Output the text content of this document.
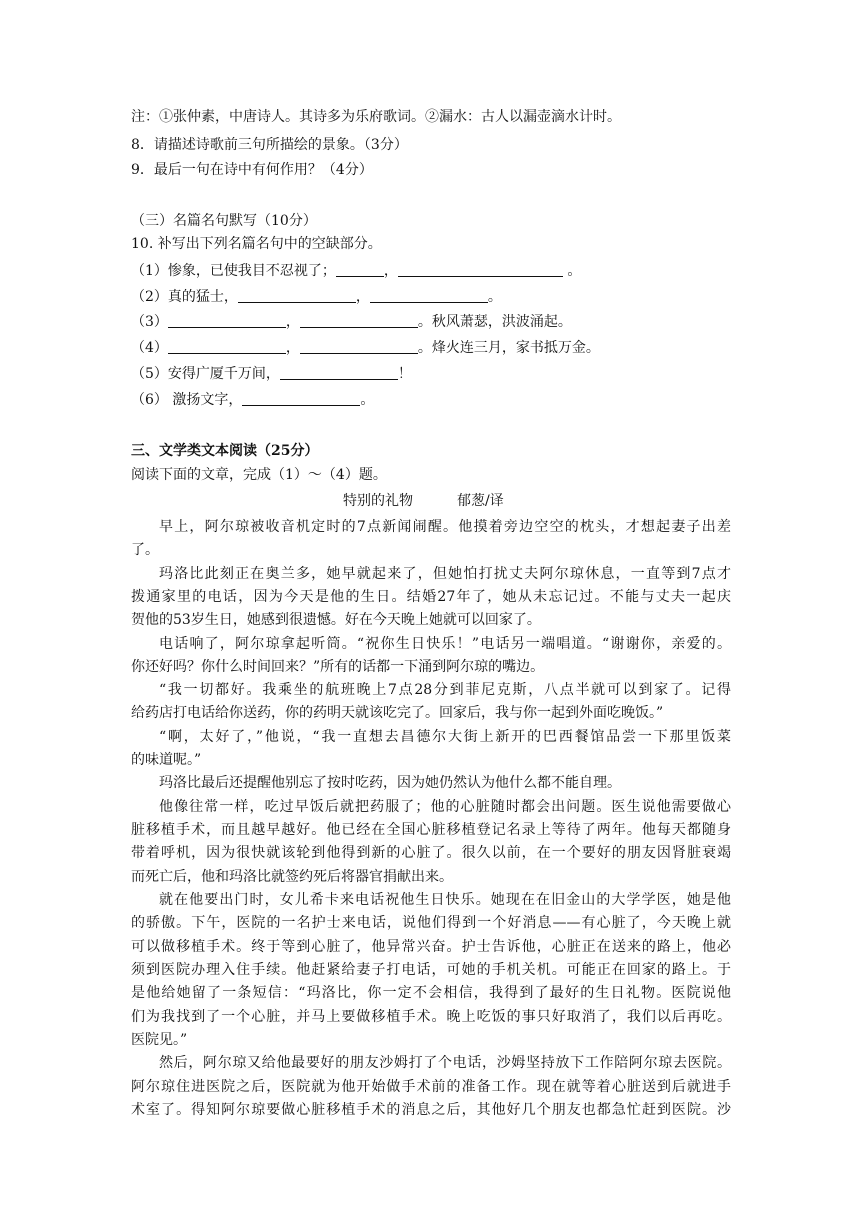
注：①张仲素，中唐诗人。其诗多为乐府歌词。②漏水：古人以漏壶滴水计时。
8．请描述诗歌前三句所描绘的景象。（3分）
9．最后一句在诗中有何作用？（4分）
（三）名篇名句默写（10分）
10. 补写出下列名篇名句中的空缺部分。
（1）惨象，已使我目不忍视了；	，	。
（2）真的猛士，	，	。
（3）	，	。秋风萧瑟，洪波涌起。
（4）	，	。烽火连三月，家书抵万金。
（5）安得广厦千万间，	！
（6） 激扬文字，	。
三、文学类文本阅读（25分）
阅读下面的文章，完成（1）～（4）题。
特别的礼物	郁葱/译
早上，阿尔琼被收音机定时的7点新闻闹醒。他摸着旁边空空的枕头，才想起妻子出差
了。
玛洛比此刻正在奥兰多，她早就起来了，但她怕打扰丈夫阿尔琼休息，一直等到7点才
拨通家里的电话，因为今天是他的生日。结婚27年了，她从未忘记过。不能与丈夫一起庆
贺他的53岁生日，她感到很遗憾。好在今天晚上她就可以回家了。
电话响了，阿尔琼拿起听筒。“祝你生日快乐！”电话另一端唱道。“谢谢你，亲爱的。
你还好吗？你什么时间回来？”所有的话都一下涌到阿尔琼的嘴边。
“我一切都好。我乘坐的航班晚上7点28分到菲尼克斯，八点半就可以到家了。记得
给药店打电话给你送药，你的药明天就该吃完了。回家后，我与你一起到外面吃晚饭。”
“啊，太好了，”他说，“我一直想去昌德尔大街上新开的巴西餐馆品尝一下那里饭菜
的味道呢。”
玛洛比最后还提醒他别忘了按时吃药，因为她仍然认为他什么都不能自理。
他像往常一样，吃过早饭后就把药服了；他的心脏随时都会出问题。医生说他需要做心
脏移植手术，而且越早越好。他已经在全国心脏移植登记名录上等待了两年。他每天都随身
带着呼机，因为很快就该轮到他得到新的心脏了。很久以前，在一个要好的朋友因肾脏衰竭
而死亡后，他和玛洛比就签约死后将器官捐献出来。
就在他要出门时，女儿希卡来电话祝他生日快乐。她现在在旧金山的大学学医，她是他
的骄傲。下午，医院的一名护士来电话，说他们得到一个好消息——有心脏了，今天晚上就
可以做移植手术。终于等到心脏了，他异常兴奋。护士告诉他，心脏正在送来的路上，他必
须到医院办理入住手续。他赶紧给妻子打电话，可她的手机关机。可能正在回家的路上。于
是他给她留了一条短信：“玛洛比，你一定不会相信，我得到了最好的生日礼物。医院说他
们为我找到了一个心脏，并马上要做移植手术。晚上吃饭的事只好取消了，我们以后再吃。
医院见。”
然后，阿尔琼又给他最要好的朋友沙姆打了个电话，沙姆坚持放下工作陪阿尔琼去医院。
阿尔琼住进医院之后，医院就为他开始做手术前的准备工作。现在就等着心脏送到后就进手
术室了。得知阿尔琼要做心脏移植手术的消息之后，其他好几个朋友也都急忙赶到医院。沙
